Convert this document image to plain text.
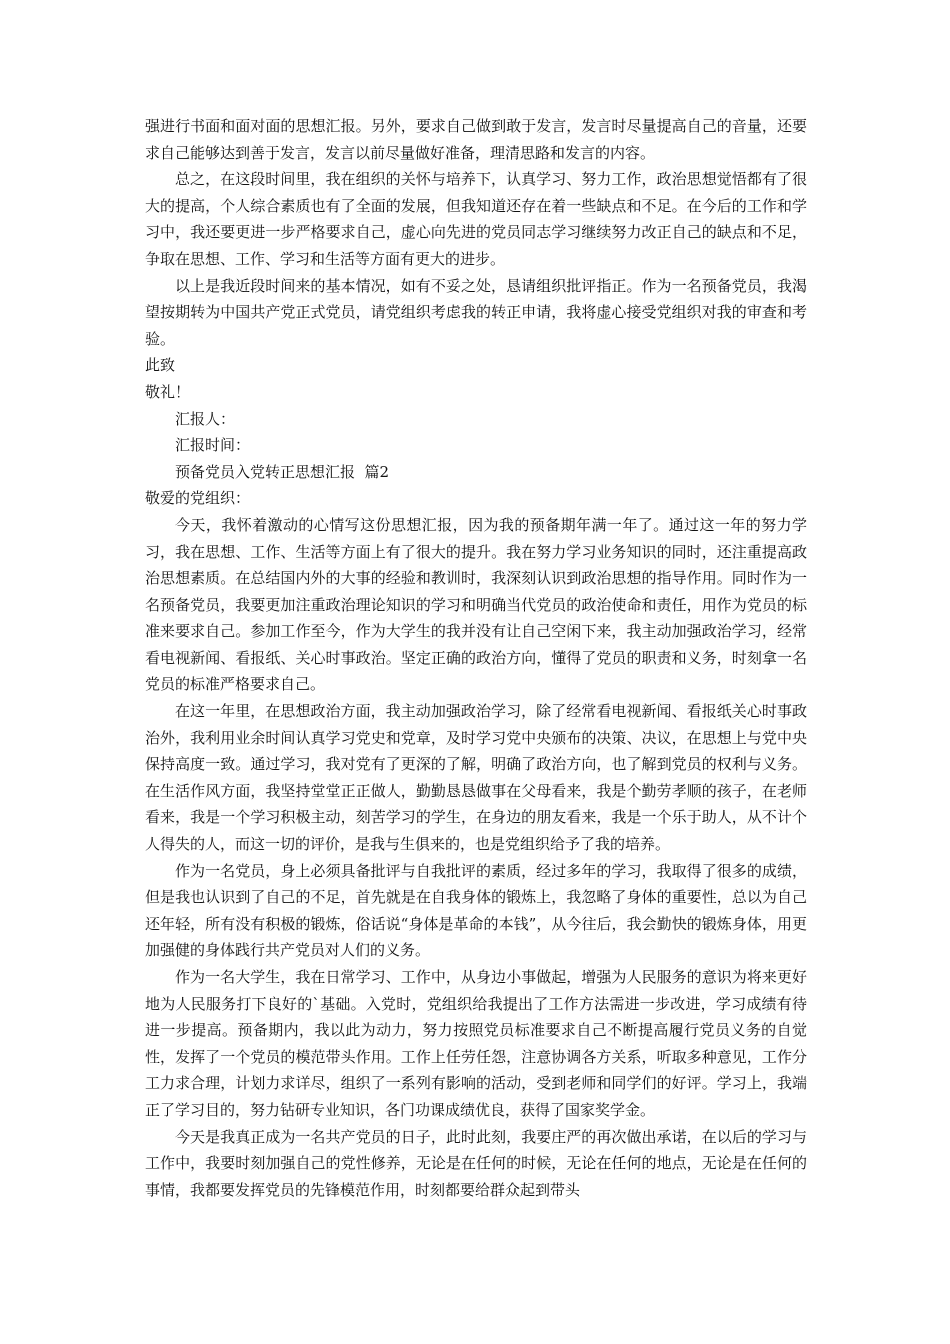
强进行书面和面对面的思想汇报。另外，要求自己做到敢于发言，发言时尽量提高自己的音量，还要求自己能够达到善于发言，发言以前尽量做好准备，理清思路和发言的内容。

总之，在这段时间里，我在组织的关怀与培养下，认真学习、努力工作，政治思想觉悟都有了很大的提高，个人综合素质也有了全面的发展，但我知道还存在着一些缺点和不足。在今后的工作和学习中，我还要更进一步严格要求自己，虚心向先进的党员同志学习继续努力改正自己的缺点和不足，争取在思想、工作、学习和生活等方面有更大的进步。

以上是我近段时间来的基本情况，如有不妥之处，恳请组织批评指正。作为一名预备党员，我渴望按期转为中国共产党正式党员，请党组织考虑我的转正申请，我将虚心接受党组织对我的审查和考验。

此致

敬礼！

汇报人：

汇报时间：

预备党员入党转正思想汇报  篇2

敬爱的党组织：

今天，我怀着激动的心情写这份思想汇报，因为我的预备期年满一年了。通过这一年的努力学习，我在思想、工作、生活等方面上有了很大的提升。我在努力学习业务知识的同时，还注重提高政治思想素质。在总结国内外的大事的经验和教训时，我深刻认识到政治思想的指导作用。同时作为一名预备党员，我要更加注重政治理论知识的学习和明确当代党员的政治使命和责任，用作为党员的标准来要求自己。参加工作至今，作为大学生的我并没有让自己空闲下来，我主动加强政治学习，经常看电视新闻、看报纸、关心时事政治。坚定正确的政治方向，懂得了党员的职责和义务，时刻拿一名党员的标准严格要求自己。

在这一年里，在思想政治方面，我主动加强政治学习，除了经常看电视新闻、看报纸关心时事政治外，我利用业余时间认真学习党史和党章，及时学习党中央颁布的决策、决议，在思想上与党中央保持高度一致。通过学习，我对党有了更深的了解，明确了政治方向，也了解到党员的权利与义务。在生活作风方面，我坚持堂堂正正做人，勤勤恳恳做事在父母看来，我是个勤劳孝顺的孩子，在老师看来，我是一个学习积极主动，刻苦学习的学生，在身边的朋友看来，我是一个乐于助人，从不计个人得失的人，而这一切的评价，是我与生俱来的，也是党组织给予了我的培养。

作为一名党员，身上必须具备批评与自我批评的素质，经过多年的学习，我取得了很多的成绩，但是我也认识到了自己的不足，首先就是在自我身体的锻炼上，我忽略了身体的重要性，总以为自己还年轻，所有没有积极的锻炼，俗话说“身体是革命的本钱”，从今往后，我会勤快的锻炼身体，用更加强健的身体践行共产党员对人们的义务。

作为一名大学生，我在日常学习、工作中，从身边小事做起，增强为人民服务的意识为将来更好地为人民服务打下良好的`基础。入党时，党组织给我提出了工作方法需进一步改进，学习成绩有待进一步提高。预备期内，我以此为动力，努力按照党员标准要求自己不断提高履行党员义务的自觉性，发挥了一个党员的模范带头作用。工作上任劳任怨，注意协调各方关系，听取多种意见，工作分工力求合理，计划力求详尽，组织了一系列有影响的活动，受到老师和同学们的好评。学习上，我端正了学习目的，努力钻研专业知识，各门功课成绩优良，获得了国家奖学金。

今天是我真正成为一名共产党员的日子，此时此刻，我要庄严的再次做出承诺，在以后的学习与工作中，我要时刻加强自己的党性修养，无论是在任何的时候，无论在任何的地点，无论是在任何的事情，我都要发挥党员的先锋模范作用，时刻都要给群众起到带头
